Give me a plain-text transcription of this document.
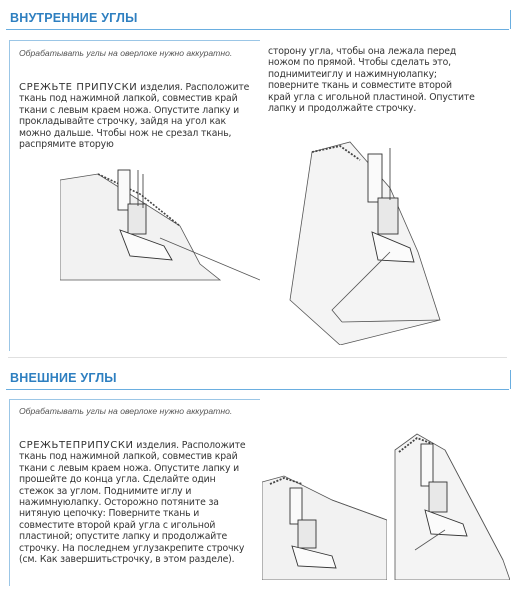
ВНУТРЕННИЕ УГЛЫ
Обрабатывать углы на оверлоке нужно аккуратно.
СРЕЖЬТЕ ПРИПУСКИ изделия. Расположите ткань под нажимной лапкой, совместив край ткани с левым краем ножа. Опустите лапку и прокладывайте строчку, зайдя на угол как можно дальше. Чтобы нож не срезал ткань, распрямите вторую
сторону угла, чтобы она лежала перед ножом по прямой. Чтобы сделать это, поднимитеиглу и нажимнуюлапку; поверните ткань и совместите второй край угла с игольной пластиной. Опустите лапку и продолжайте строчку.
ВНЕШНИЕ УГЛЫ
Обрабатывать углы на оверлоке нужно аккуратно.
СРЕЖЬТЕПРИПУСКИ изделия. Расположите ткань под нажимной лапкой, совместив край ткани с левым краем ножа. Опустите лапку и прошейте до конца угла. Сделайте один стежок за углом. Поднимите иглу и нажимнуюлапку. Осторожно потяните за нитяную цепочку: Поверните ткань и совместите второй край угла с игольной пластиной; опустите лапку и продолжайте строчку. На последнем углузакрепите строчку (см. Как завершитьстрочку, в этом разделе).
